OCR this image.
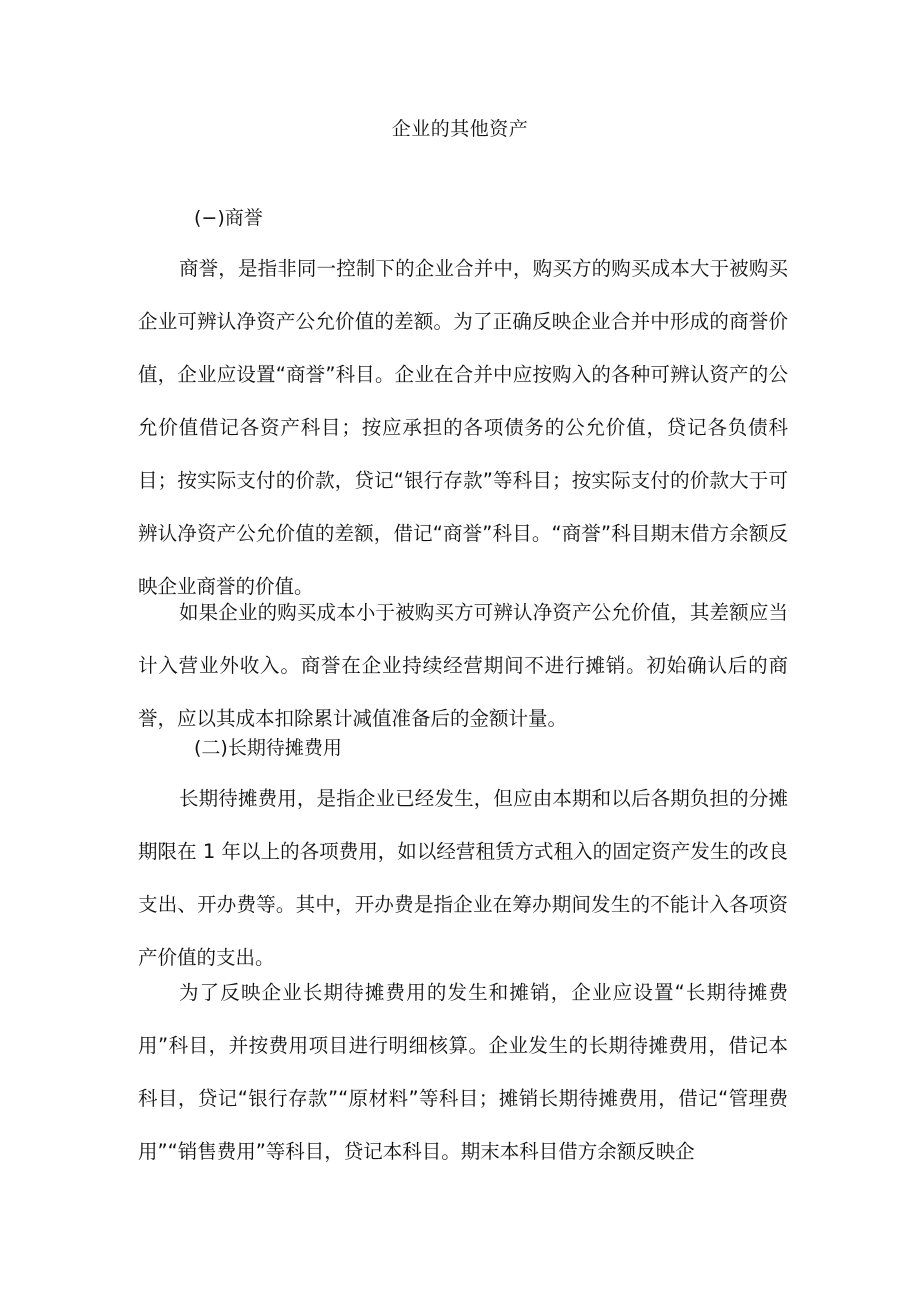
企业的其他资产
(−)商誉

商誉，是指非同一控制下的企业合并中，购买方的购买成本大于被购买企业可辨认净资产公允价值的差额。为了正确反映企业合并中形成的商誉价值，企业应设置“商誉”科目。企业在合并中应按购入的各种可辨认资产的公允价值借记各资产科目；按应承担的各项债务的公允价值，贷记各负债科目；按实际支付的价款，贷记“银行存款”等科目；按实际支付的价款大于可辨认净资产公允价值的差额，借记“商誉”科目。“商誉”科目期末借方余额反映企业商誉的价值。

如果企业的购买成本小于被购买方可辨认净资产公允价值，其差额应当计入营业外收入。商誉在企业持续经营期间不进行摊销。初始确认后的商誉，应以其成本扣除累计减值准备后的金额计量。

(二)长期待摊费用

长期待摊费用，是指企业已经发生，但应由本期和以后各期负担的分摊期限在 1 年以上的各项费用，如以经营租赁方式租入的固定资产发生的改良支出、开办费等。其中，开办费是指企业在筹办期间发生的不能计入各项资产价值的支出。

为了反映企业长期待摊费用的发生和摊销，企业应设置“长期待摊费用”科目，并按费用项目进行明细核算。企业发生的长期待摊费用，借记本科目，贷记“银行存款”“原材料”等科目；摊销长期待摊费用，借记“管理费用”“销售费用”等科目，贷记本科目。期末本科目借方余额反映企
